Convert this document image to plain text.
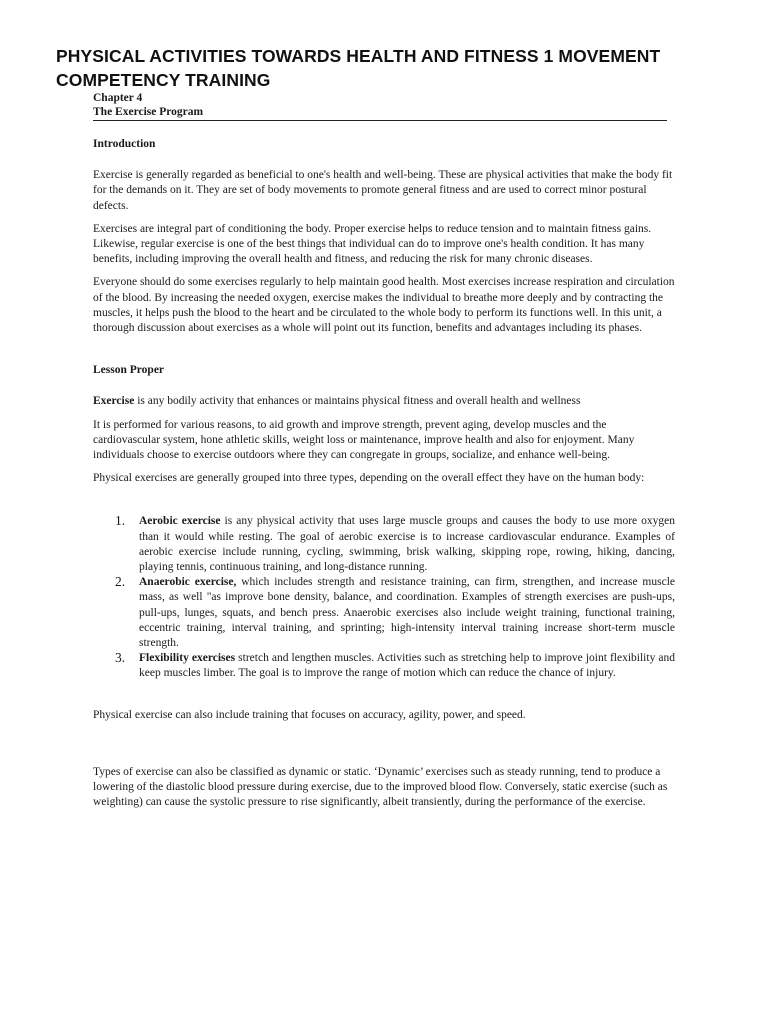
PHYSICAL ACTIVITIES TOWARDS HEALTH AND FITNESS 1 MOVEMENT COMPETENCY TRAINING
Chapter 4
The Exercise Program

Introduction

Exercise is generally regarded as beneficial to one's health and well-being. These are physical activities that make the body fit for the demands on it. They are set of body movements to promote general fitness and are used to correct minor postural defects.

Exercises are integral part of conditioning the body. Proper exercise helps to reduce tension and to maintain fitness gains. Likewise, regular exercise is one of the best things that individual can do to improve one's health condition. It has many benefits, including improving the overall health and fitness, and reducing the risk for many chronic diseases.

Everyone should do some exercises regularly to help maintain good health. Most exercises increase respiration and circulation of the blood. By increasing the needed oxygen, exercise makes the individual to breathe more deeply and by contracting the muscles, it helps push the blood to the heart and be circulated to the whole body to perform its functions well. In this unit, a thorough discussion about exercises as a whole will point out its function, benefits and advantages including its phases.

Lesson Proper

Exercise is any bodily activity that enhances or maintains physical fitness and overall health and wellness

It is performed for various reasons, to aid growth and improve strength, prevent aging, develop muscles and the cardiovascular system, hone athletic skills, weight loss or maintenance, improve health and also for enjoyment. Many individuals choose to exercise outdoors where they can congregate in groups, socialize, and enhance well-being.

Physical exercises are generally grouped into three types, depending on the overall effect they have on the human body:

1. Aerobic exercise is any physical activity that uses large muscle groups and causes the body to use more oxygen than it would while resting. The goal of aerobic exercise is to increase cardiovascular endurance. Examples of aerobic exercise include running, cycling, swimming, brisk walking, skipping rope, rowing, hiking, dancing, playing tennis, continuous training, and long-distance running.
2. Anaerobic exercise, which includes strength and resistance training, can firm, strengthen, and increase muscle mass, as well "as improve bone density, balance, and coordination. Examples of strength exercises are push-ups, pull-ups, lunges, squats, and bench press. Anaerobic exercises also include weight training, functional training, eccentric training, interval training, and sprinting; high-intensity interval training increase short-term muscle strength.
3. Flexibility exercises stretch and lengthen muscles. Activities such as stretching help to improve joint flexibility and keep muscles limber. The goal is to improve the range of motion which can reduce the chance of injury.

Physical exercise can also include training that focuses on accuracy, agility, power, and speed.

Types of exercise can also be classified as dynamic or static. ‘Dynamic’ exercises such as steady running, tend to produce a lowering of the diastolic blood pressure during exercise, due to the improved blood flow. Conversely, static exercise (such as weighting) can cause the systolic pressure to rise significantly, albeit transiently, during the performance of the exercise.
